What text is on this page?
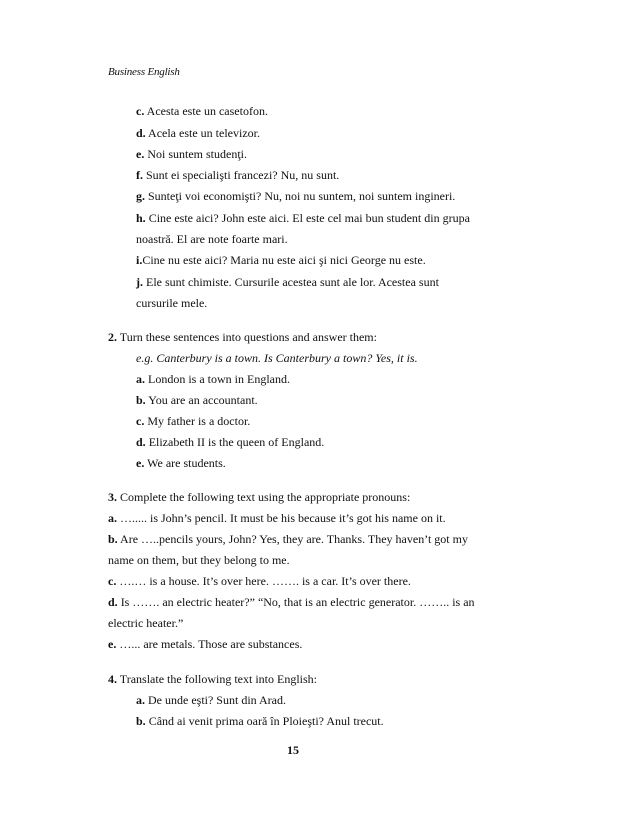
Business English
c. Acesta este un casetofon.
d. Acela este un televizor.
e. Noi suntem studenţi.
f. Sunt ei specialişti francezi? Nu, nu sunt.
g. Sunteţi voi economişti? Nu, noi nu suntem, noi suntem ingineri.
h. Cine este aici? John este aici. El este cel mai bun student din grupa
noastră. El are note foarte mari.
i.Cine nu este aici? Maria nu este aici şi nici George nu este.
j. Ele sunt chimiste. Cursurile acestea sunt ale lor. Acestea sunt
cursurile mele.
2. Turn these sentences into questions and answer them:
e.g. Canterbury is a town. Is Canterbury a town? Yes, it is.
a. London is a town in England.
b. You are an accountant.
c. My father is a doctor.
d. Elizabeth II is the queen of England.
e. We are students.
3. Complete the following text using the appropriate pronouns:
a. …..... is John’s pencil. It must be his because it’s got his name on it.
b. Are …..pencils yours, John? Yes, they are. Thanks. They haven’t got my
name on them, but they belong to me.
c. ….… is a house. It’s over here. ……. is a car. It’s over there.
d. Is ……. an electric heater?” “No, that is an electric generator. …….. is an
electric heater.”
e. …... are metals. Those are substances.
4. Translate the following text into English:
a. De unde eşti? Sunt din Arad.
b. Când ai venit prima oară în Ploieşti? Anul trecut.
15
